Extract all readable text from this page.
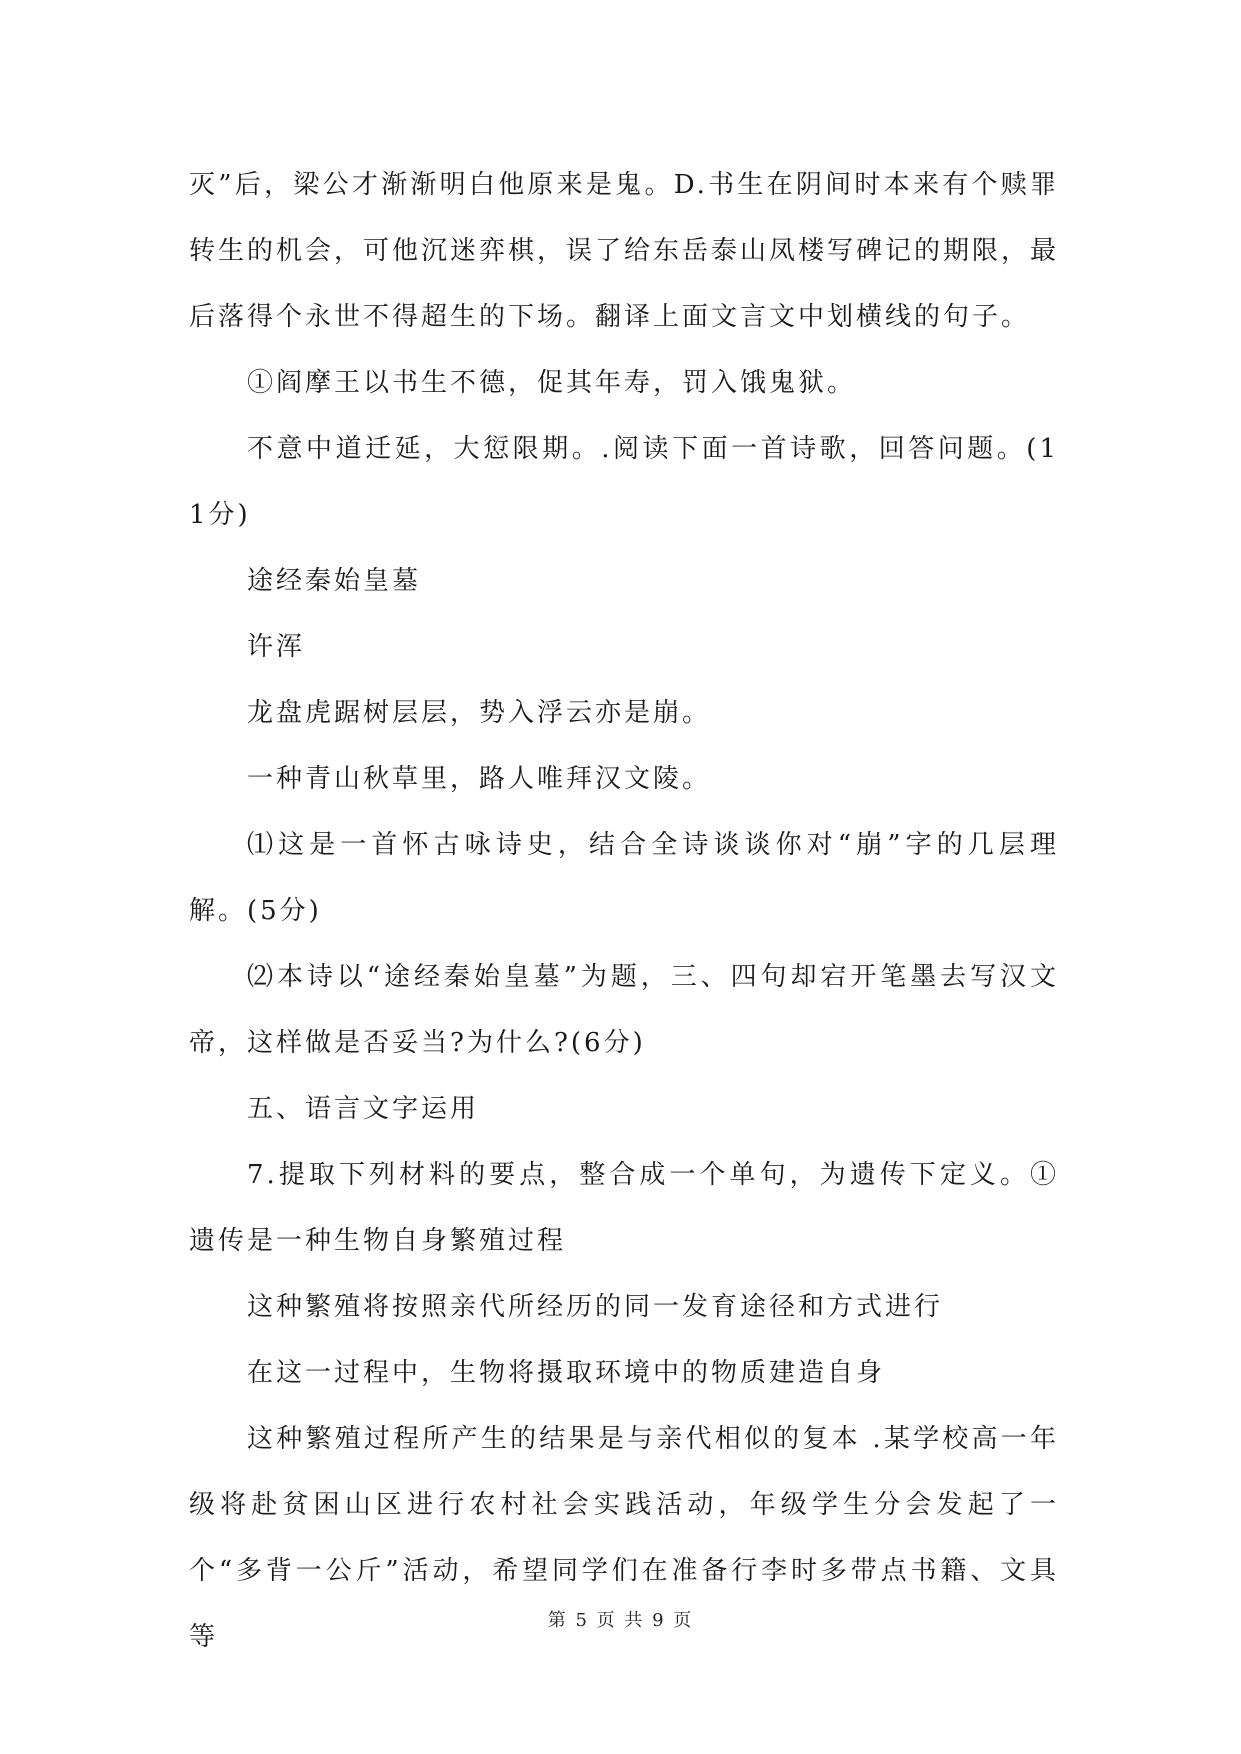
灭”后，梁公才渐渐明白他原来是鬼。D.书生在阴间时本来有个赎罪转生的机会，可他沉迷弈棋，误了给东岳泰山凤楼写碑记的期限，最后落得个永世不得超生的下场。翻译上面文言文中划横线的句子。

①阎摩王以书生不德，促其年寿，罚入饿鬼狱。

不意中道迁延，大愆限期。.阅读下面一首诗歌，回答问题。(11分)

途经秦始皇墓

许浑

龙盘虎踞树层层，势入浮云亦是崩。

一种青山秋草里，路人唯拜汉文陵。

⑴这是一首怀古咏诗史，结合全诗谈谈你对“崩”字的几层理解。(5分)

⑵本诗以“途经秦始皇墓”为题，三、四句却宕开笔墨去写汉文帝，这样做是否妥当?为什么?(6分)

五、语言文字运用

7.提取下列材料的要点，整合成一个单句，为遗传下定义。①遗传是一种生物自身繁殖过程

这种繁殖将按照亲代所经历的同一发育途径和方式进行

在这一过程中，生物将摄取环境中的物质建造自身

这种繁殖过程所产生的结果是与亲代相似的复本 .某学校高一年级将赴贫困山区进行农村社会实践活动，年级学生分会发起了一个“多背一公斤”活动，希望同学们在准备行李时多带点书籍、文具等

第 5 页 共 9 页
